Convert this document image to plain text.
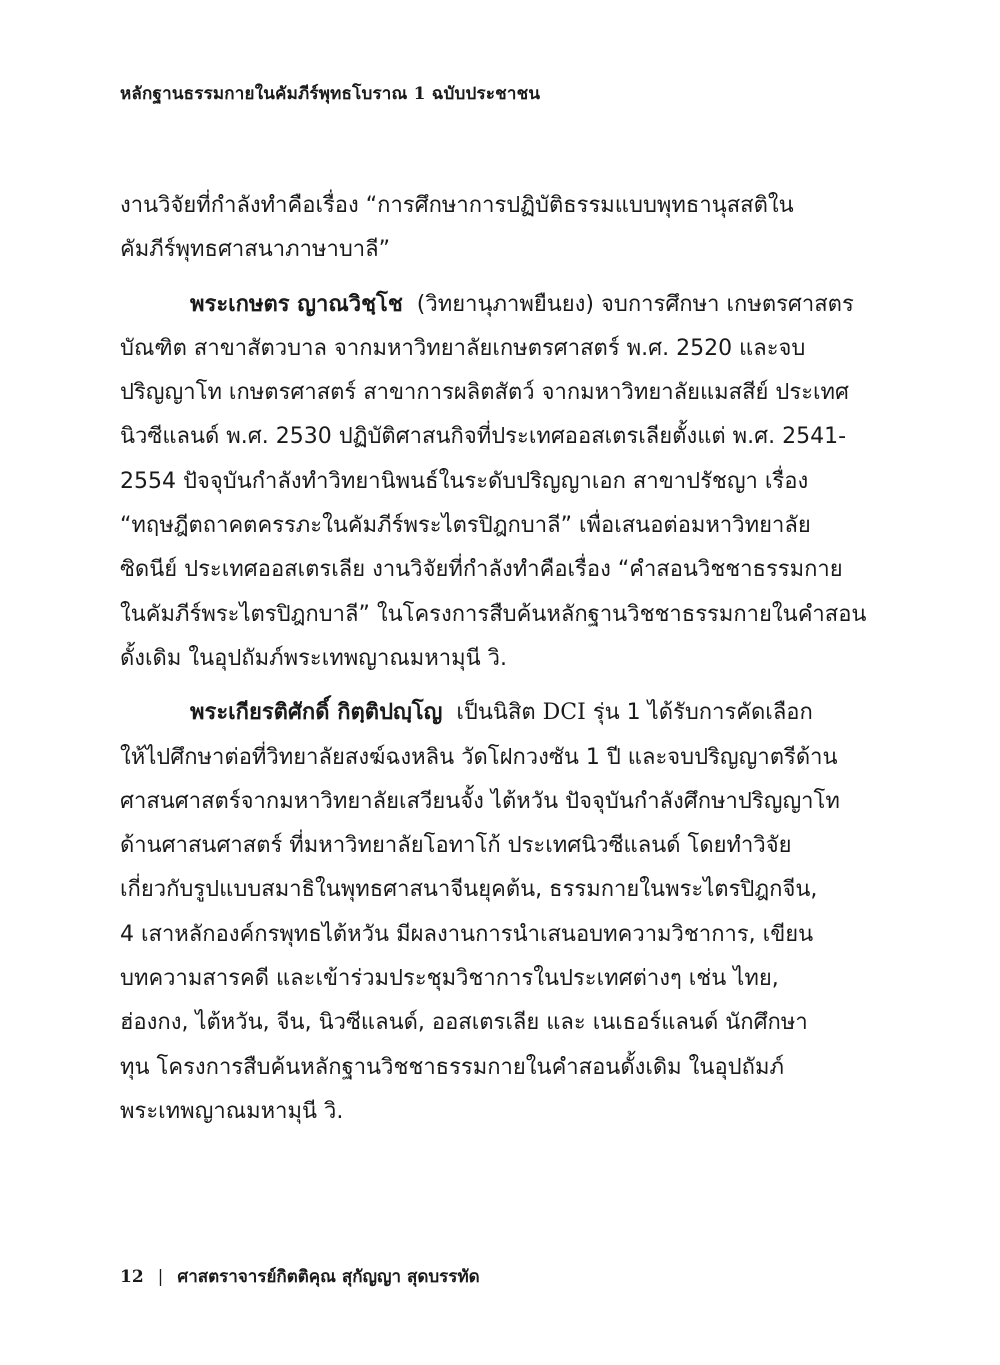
หลักฐานธรรมกายในคัมภีร์พุทธโบราณ 1 ฉบับประชาชน

งานวิจัยที่กำลังทำคือเรื่อง “การศึกษาการปฏิบัติธรรมแบบพุทธานุสสติใน
คัมภีร์พุทธศาสนาภาษาบาลี”

พระเกษตร ญาณวิชฺโช (วิทยานุภาพยืนยง) จบการศึกษา เกษตรศาสตร
บัณฑิต สาขาสัตวบาล จากมหาวิทยาลัยเกษตรศาสตร์ พ.ศ. 2520 และจบ
ปริญญาโท เกษตรศาสตร์ สาขาการผลิตสัตว์ จากมหาวิทยาลัยแมสสีย์ ประเทศ
นิวซีแลนด์ พ.ศ. 2530 ปฏิบัติศาสนกิจที่ประเทศออสเตรเลียตั้งแต่ พ.ศ. 2541-
2554 ปัจจุบันกำลังทำวิทยานิพนธ์ในระดับปริญญาเอก สาขาปรัชญา เรื่อง
“ทฤษฎีตถาคตครรภะในคัมภีร์พระไตรปิฎกบาลี” เพื่อเสนอต่อมหาวิทยาลัย
ซิดนีย์ ประเทศออสเตรเลีย งานวิจัยที่กำลังทำคือเรื่อง “คำสอนวิชชาธรรมกาย
ในคัมภีร์พระไตรปิฎกบาลี” ในโครงการสืบค้นหลักฐานวิชชาธรรมกายในคำสอน
ดั้งเดิม ในอุปถัมภ์พระเทพญาณมหามุนี วิ.

พระเกียรติศักดิ์ กิตฺติปญฺโญ เป็นนิสิต DCI รุ่น 1 ได้รับการคัดเลือก
ให้ไปศึกษาต่อที่วิทยาลัยสงฆ์ฉงหลิน วัดโฝกวงซัน 1 ปี และจบปริญญาตรีด้าน
ศาสนศาสตร์จากมหาวิทยาลัยเสวียนจั้ง ไต้หวัน ปัจจุบันกำลังศึกษาปริญญาโท
ด้านศาสนศาสตร์ ที่มหาวิทยาลัยโอทาโก้ ประเทศนิวซีแลนด์ โดยทำวิจัย
เกี่ยวกับรูปแบบสมาธิในพุทธศาสนาจีนยุคต้น, ธรรมกายในพระไตรปิฎกจีน,
4 เสาหลักองค์กรพุทธไต้หวัน มีผลงานการนำเสนอบทความวิชาการ, เขียน
บทความสารคดี และเข้าร่วมประชุมวิชาการในประเทศต่างๆ เช่น ไทย,
ฮ่องกง, ไต้หวัน, จีน, นิวซีแลนด์, ออสเตรเลีย และ เนเธอร์แลนด์ นักศึกษา
ทุน โครงการสืบค้นหลักฐานวิชชาธรรมกายในคำสอนดั้งเดิม ในอุปถัมภ์
พระเทพญาณมหามุนี วิ.

12 | ศาสตราจารย์กิตติคุณ สุกัญญา สุดบรรทัด
